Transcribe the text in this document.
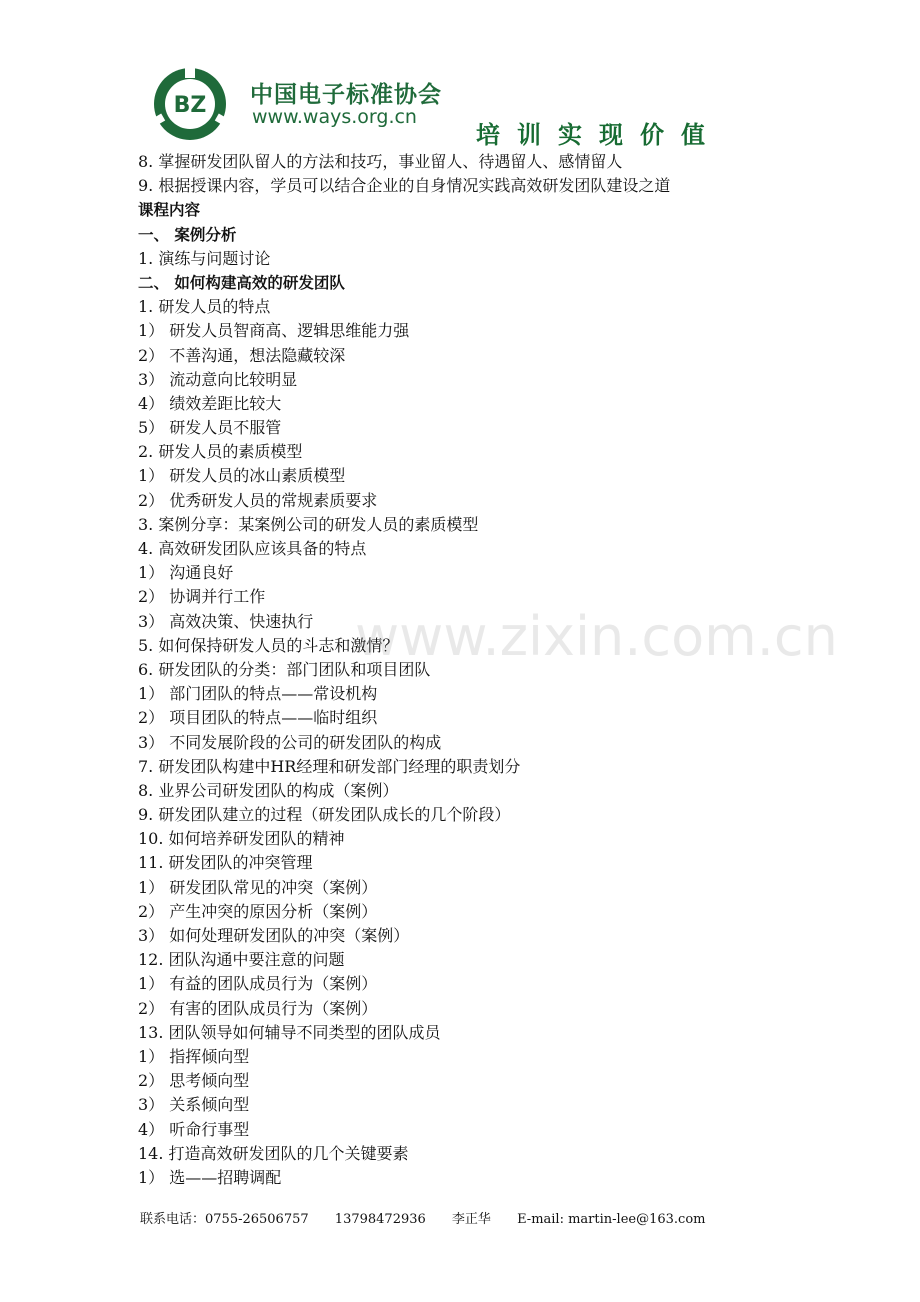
BZ 中国电子标准协会
www.ways.org.cn
培训实现价值
8. 掌握研发团队留人的方法和技巧，事业留人、待遇留人、感情留人
9. 根据授课内容，学员可以结合企业的自身情况实践高效研发团队建设之道
课程内容
一、 案例分析
1. 演练与问题讨论
二、 如何构建高效的研发团队
1. 研发人员的特点
1） 研发人员智商高、逻辑思维能力强
2） 不善沟通，想法隐藏较深
3） 流动意向比较明显
4） 绩效差距比较大
5） 研发人员不服管
2. 研发人员的素质模型
1） 研发人员的冰山素质模型
2） 优秀研发人员的常规素质要求
3. 案例分享：某案例公司的研发人员的素质模型
4. 高效研发团队应该具备的特点
1） 沟通良好
2） 协调并行工作
3） 高效决策、快速执行
5. 如何保持研发人员的斗志和激情？
6. 研发团队的分类：部门团队和项目团队
1） 部门团队的特点——常设机构
2） 项目团队的特点——临时组织
3） 不同发展阶段的公司的研发团队的构成
7. 研发团队构建中HR经理和研发部门经理的职责划分
8. 业界公司研发团队的构成（案例）
9. 研发团队建立的过程（研发团队成长的几个阶段）
10. 如何培养研发团队的精神
11. 研发团队的冲突管理
1） 研发团队常见的冲突（案例）
2） 产生冲突的原因分析（案例）
3） 如何处理研发团队的冲突（案例）
12. 团队沟通中要注意的问题
1） 有益的团队成员行为（案例）
2） 有害的团队成员行为（案例）
13. 团队领导如何辅导不同类型的团队成员
1） 指挥倾向型
2） 思考倾向型
3） 关系倾向型
4） 听命行事型
14. 打造高效研发团队的几个关键要素
1） 选——招聘调配
www.zixin.com.cn
联系电话：0755-26506757 13798472936 李正华 E-mail: martin-lee@163.com
